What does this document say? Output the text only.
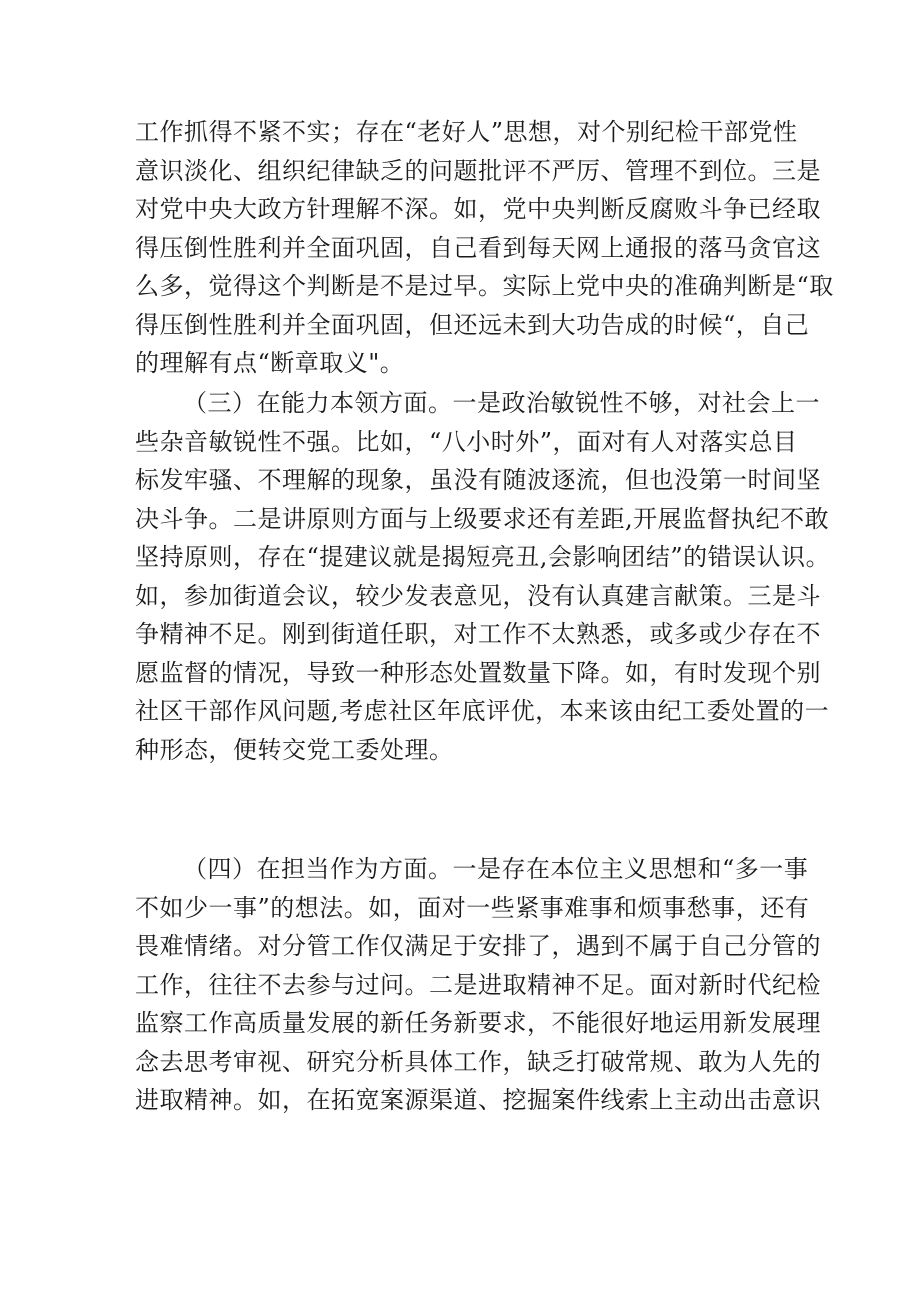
工作抓得不紧不实；存在“老好人”思想，对个别纪检干部党性
意识淡化、组织纪律缺乏的问题批评不严厉、管理不到位。三是
对党中央大政方针理解不深。如，党中央判断反腐败斗争已经取
得压倒性胜利并全面巩固，自己看到每天网上通报的落马贪官这
么多，觉得这个判断是不是过早。实际上党中央的准确判断是“取
得压倒性胜利并全面巩固，但还远未到大功告成的时候“，自己
的理解有点“断章取义"。
（三）在能力本领方面。一是政治敏锐性不够，对社会上一
些杂音敏锐性不强。比如，“八小时外”，面对有人对落实总目
标发牢骚、不理解的现象，虽没有随波逐流，但也没第一时间坚
决斗争。二是讲原则方面与上级要求还有差距,开展监督执纪不敢
坚持原则，存在“提建议就是揭短亮丑,会影响团结”的错误认识。
如，参加街道会议，较少发表意见，没有认真建言献策。三是斗
争精神不足。刚到街道任职，对工作不太熟悉，或多或少存在不
愿监督的情况，导致一种形态处置数量下降。如，有时发现个别
社区干部作风问题,考虑社区年底评优，本来该由纪工委处置的一
种形态，便转交党工委处理。
（四）在担当作为方面。一是存在本位主义思想和“多一事
不如少一事”的想法。如，面对一些紧事难事和烦事愁事，还有
畏难情绪。对分管工作仅满足于安排了，遇到不属于自己分管的
工作，往往不去参与过问。二是进取精神不足。面对新时代纪检
监察工作高质量发展的新任务新要求，不能很好地运用新发展理
念去思考审视、研究分析具体工作，缺乏打破常规、敢为人先的
进取精神。如，在拓宽案源渠道、挖掘案件线索上主动出击意识
